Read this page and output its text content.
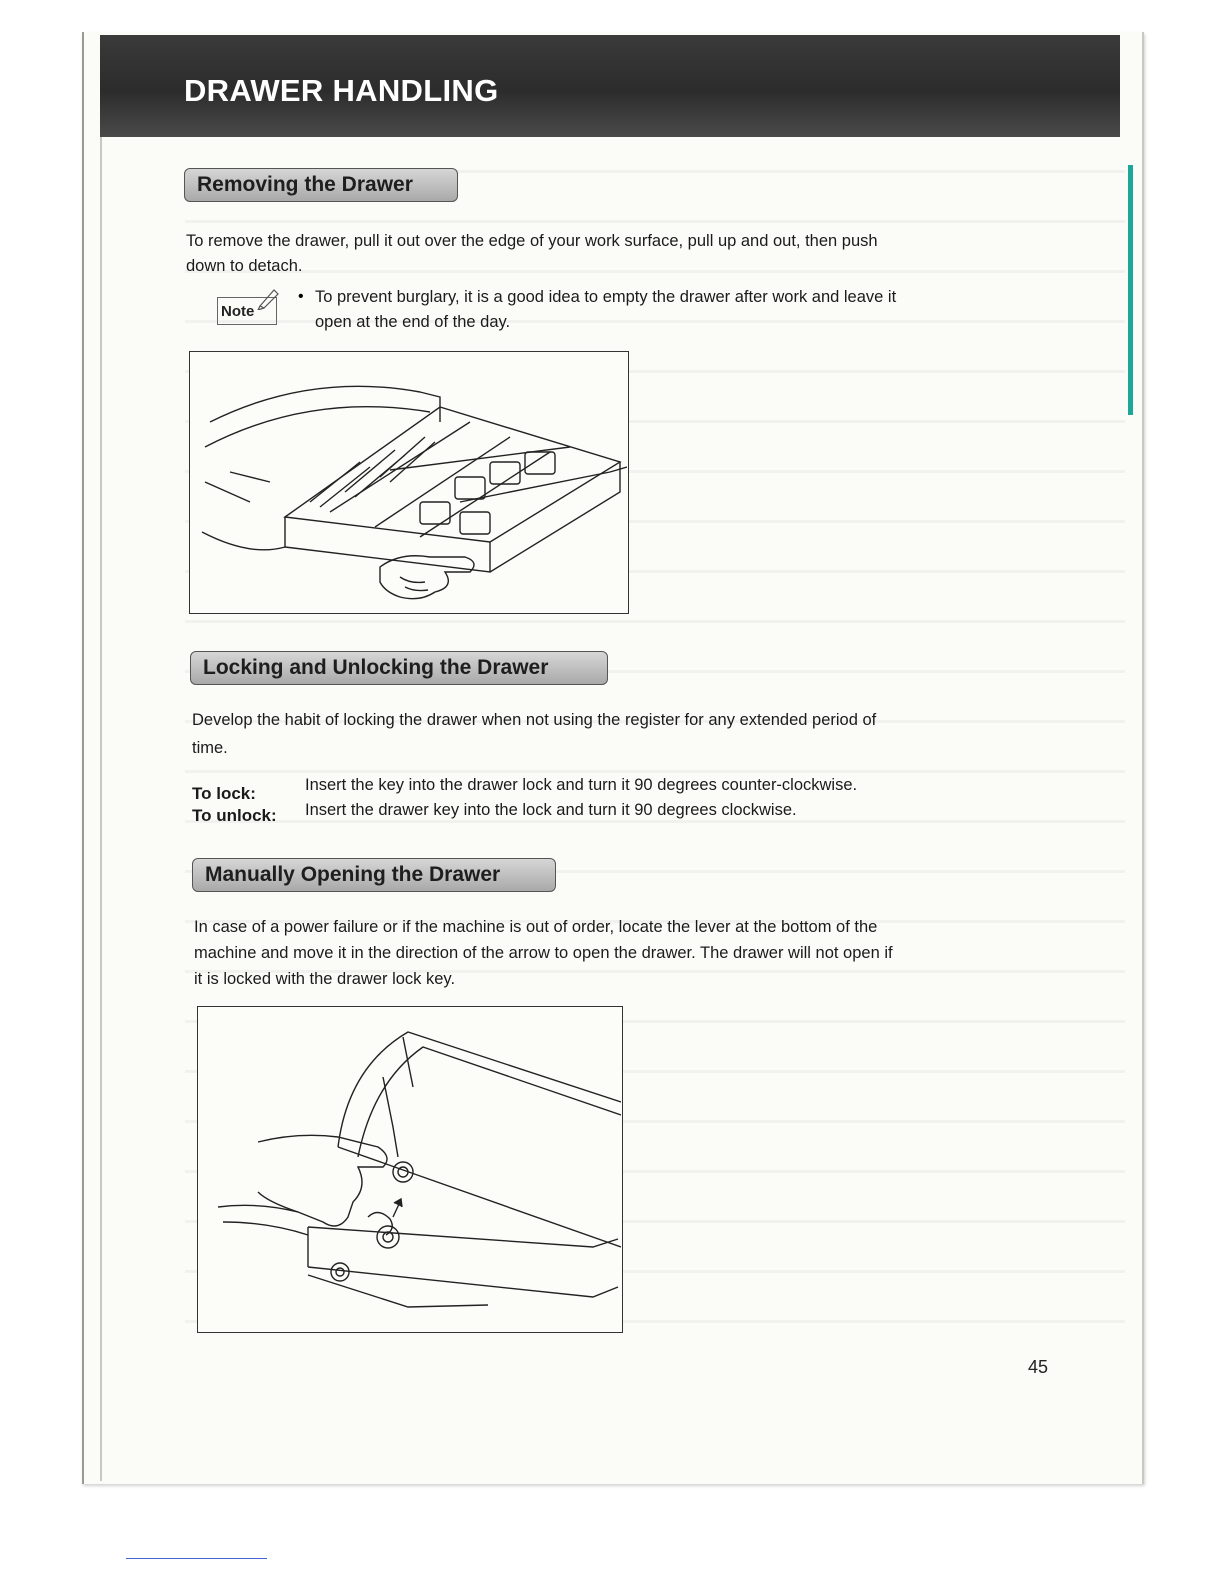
DRAWER HANDLING
Removing the Drawer

To remove the drawer, pull it out over the edge of your work surface, pull up and out, then push

down to detach.

Note
• To prevent burglary, it is a good idea to empty the drawer after work and leave it

open at the end of the day.

Locking and Unlocking the Drawer

Develop the habit of locking the drawer when not using the register for any extended period of

time.

To lock:	Insert the key into the drawer lock and turn it 90 degrees counter-clockwise.
To unlock: Insert the drawer key into the lock and turn it 90 degrees clockwise.
Manually Opening the Drawer

In case of a power failure or if the machine is out of order, locate the lever at the bottom of the

machine and move it in the direction of the arrow to open the drawer. The drawer will not open if

it is locked with the drawer lock key.

45
